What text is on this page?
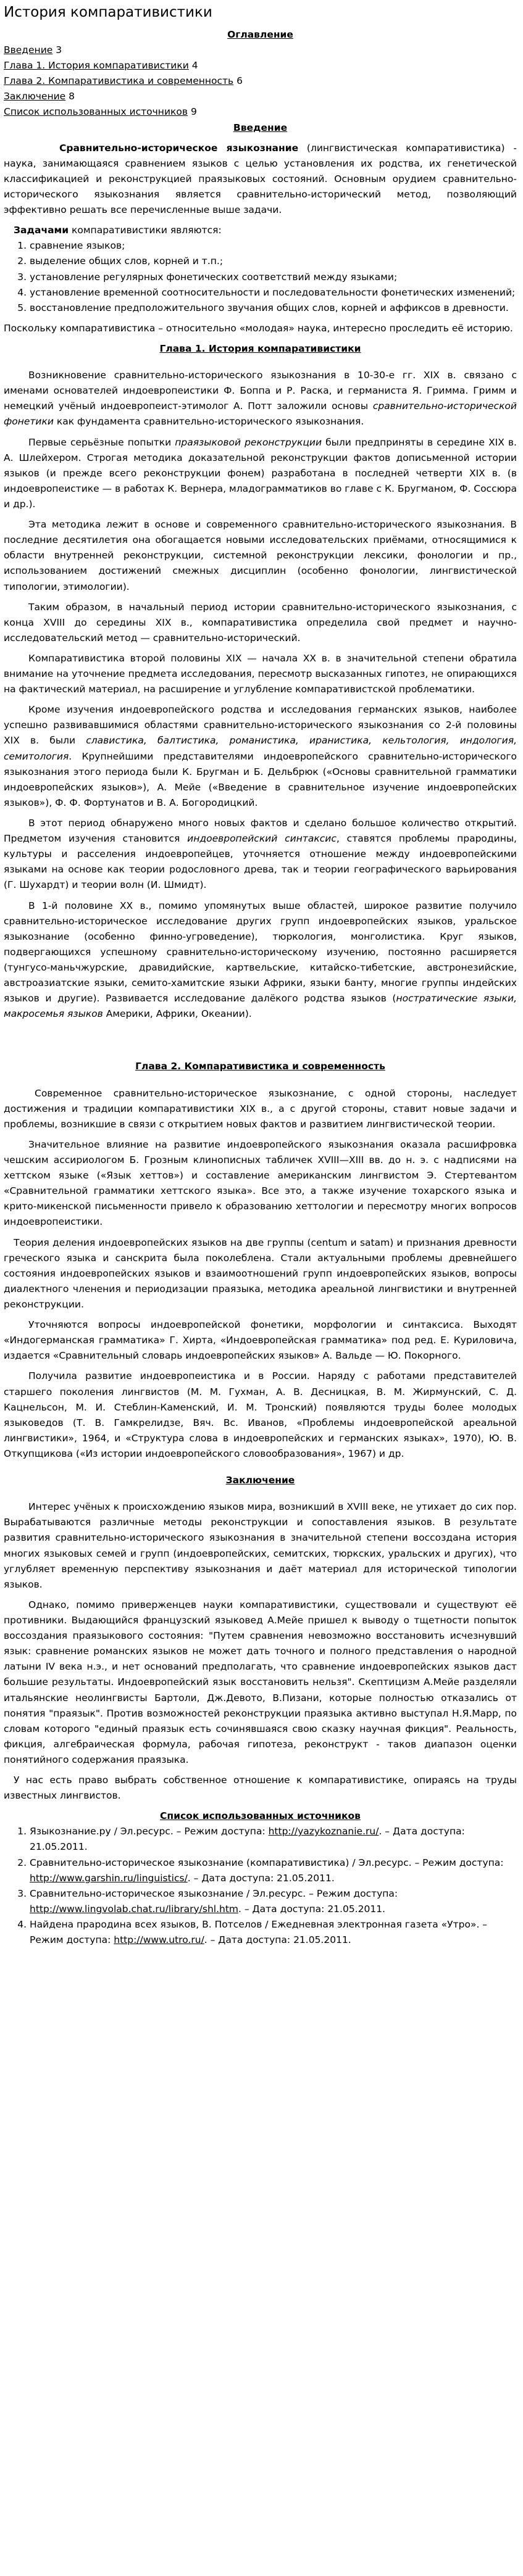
История компаративистики
Оглавление

Введение 3

Глава 1. История компаративистики 4

Глава 2. Компаративистика и современность 6

Заключение 8

Список использованных источников 9

Введение

Сравнительно-историческое языкознание (лингвистическая компаративистика) - наука, занимающаяся сравнением языков с целью установления их родства, их генетической классификацией и реконструкцией праязыковых состояний. Основным орудием сравнительно-исторического языкознания является сравнительно-исторический метод, позволяющий эффективно решать все перечисленные выше задачи.

Задачами компаративистики являются:

1. сравнение языков;
2. выделение общих слов, корней и т.п.;
3. установление регулярных фонетических соответствий между языками;
4. установление временной соотносительности и последовательности фонетических изменений;
5. восстановление предположительного звучания общих слов, корней и аффиксов в древности.

Поскольку компаративистика – относительно «молодая» наука, интересно проследить её историю.

Глава 1. История компаративистики

Возникновение сравнительно-исторического языкознания в 10-30-е гг. XIX в. связано с именами основателей индоевропеистики Ф. Боппа и Р. Раска, и германиста Я. Гримма. Гримм и немецкий учёный индоевропеист-этимолог А. Потт заложили основы сравнительно-исторической фонетики как фундамента сравнительно-исторического языкознания.

Первые серьёзные попытки праязыковой реконструкции были предприняты в середине XIX в. А. Шлейхером. Строгая методика доказательной реконструкции фактов дописьменной истории языков (и прежде всего реконструкции фонем) разработана в последней четверти XIX в. (в индоевропеистике — в работах К. Вернера, младограмматиков во главе с К. Бругманом, Ф. Соссюра и др.).

Эта методика лежит в основе и современного сравнительно-исторического языкознания. В последние десятилетия она обогащается новыми исследовательских приёмами, относящимися к области внутренней реконструкции, системной реконструкции лексики, фонологии и пр., использованием достижений смежных дисциплин (особенно фонологии, лингвистической типологии, этимологии).

Таким образом, в начальный период истории сравнительно-исторического языкознания, с конца XVIII до середины XIX в., компаративистика определила свой предмет и научно-исследовательский метод — сравнительно-исторический.

Компаративистика второй половины XIX — начала XX в. в значительной степени обратила внимание на уточнение предмета исследования, пересмотр высказанных гипотез, не опирающихся на фактический материал, на расширение и углубление компаративистской проблематики.

Кроме изучения индоевропейского родства и исследования германских языков, наиболее успешно развивавшимися областями сравнительно-исторического языкознания со 2-й половины XIX в. были славистика, балтистика, романистика, иранистика, кельтология, индология, семитология. Крупнейшими представителями индоевропейского сравнительно-исторического языкознания этого периода были К. Бругман и Б. Дельбрюк («Основы сравнительной грамматики индоевропейских языков»), А. Мейе («Введение в сравнительное изучение индоевропейских языков»), Ф. Ф. Фортунатов и В. А. Богородицкий.

В этот период обнаружено много новых фактов и сделано большое количество открытий. Предметом изучения становится индоевропейский синтаксис, ставятся проблемы прародины, культуры и расселения индоевропейцев, уточняется отношение между индоевропейскими языками на основе как теории родословного древа, так и теории географического варьирования (Г. Шухардт) и теории волн (И. Шмидт).

В 1-й половине XX в., помимо упомянутых выше областей, широкое развитие получило сравнительно-историческое исследование других групп индоевропейских языков, уральское языкознание (особенно финно-угроведение), тюркология, монголистика. Круг языков, подвергающихся успешному сравнительно-историческому изучению, постоянно расширяется (тунгусо-маньчжурские, дравидийские, картвельские, китайско-тибетские, австронезийские, австроазиатские языки, семито-хамитские языки Африки, языки банту, многие группы индейских языков и другие). Развивается исследование далёкого родства языков (ностратические языки, макросемья языков Америки, Африки, Океании).

Глава 2. Компаративистика и современность

Современное сравнительно-историческое языкознание, с одной стороны, наследует достижения и традиции компаративистики XIX в., а с другой стороны, ставит новые задачи и проблемы, возникшие в связи с открытием новых фактов и развитием лингвистической теории.

Значительное влияние на развитие индоевропейского языкознания оказала расшифровка чешским ассириологом Б. Грозным клинописных табличек XVIII—XIII вв. до н. э. с надписями на хеттском языке («Язык хеттов») и составление американским лингвистом Э. Стертевантом «Сравнительной грамматики хеттского языка». Все это, а также изучение тохарского языка и крито-микенской письменности привело к образованию хеттологии и пересмотру многих вопросов индоевропеистики.

Теория деления индоевропейских языков на две группы (centum и satam) и признания древности греческого языка и санскрита была поколеблена. Стали актуальными проблемы древнейшего состояния индоевропейских языков и взаимоотношений групп индоевропейских языков, вопросы диалектного членения и периодизации праязыка, методика ареальной лингвистики и внутренней реконструкции.

Уточняются вопросы индоевропейской фонетики, морфологии и синтаксиса. Выходят «Индогерманская грамматика» Г. Хирта, «Индоевропейская грамматика» под ред. Е. Куриловича, издается «Сравнительный словарь индоевропейских языков» А. Вальде — Ю. Покорного.

Получила развитие индоевропеистика и в России. Наряду с работами представителей старшего поколения лингвистов (М. М. Гухман, А. В. Десницкая, В. М. Жирмунский, С. Д. Кацнельсон, М. И. Стеблин-Каменский, И. М. Тронский) появляются труды более молодых языковедов (Т. В. Гамкрелидзе, Вяч. Вс. Иванов, «Проблемы индоевропейской ареальной лингвистики», 1964, и «Структура слова в индоевропейских и германских языках», 1970), Ю. В. Откупщикова («Из истории индоевропейского словообразования», 1967) и др.

Заключение

Интерес учёных к происхождению языков мира, возникший в XVIII веке, не утихает до сих пор. Вырабатываются различные методы реконструкции и сопоставления языков. В результате развития сравнительно-исторического языкознания в значительной степени воссоздана история многих языковых семей и групп (индоевропейских, семитских, тюркских, уральских и других), что углубляет временную перспективу языкознания и даёт материал для исторической типологии языков.

Однако, помимо приверженцев науки компаративистики, существовали и существуют её противники. Выдающийся французский языковед А.Мейе пришел к выводу о тщетности попыток воссоздания праязыкового состояния: "Путем сравнения невозможно восстановить исчезнувший язык: сравнение романских языков не может дать точного и полного представления о народной латыни IV века н.э., и нет оснований предполагать, что сравнение индоевропейских языков даст большие результаты. Индоевропейский язык восстановить нельзя". Скептицизм А.Мейе разделяли итальянские неолингвисты Бартоли, Дж.Девото, В.Пизани, которые полностью отказались от понятия "праязык". Против возможностей реконструкции праязыка активно выступал Н.Я.Марр, по словам которого "единый праязык есть сочинявшаяся свою сказку научная фикция". Реальность, фикция, алгебраическая формула, рабочая гипотеза, реконструкт - таков диапазон оценки понятийного содержания праязыка.

У нас есть право выбрать собственное отношение к компаративистике, опираясь на труды известных лингвистов.

Список использованных источников
1. Языкознание.ру / Эл.ресурс. – Режим доступа: http://yazykoznanie.ru/. – Дата доступа: 21.05.2011.
2. Сравнительно-историческое языкознание (компаративистика) / Эл.ресурс. – Режим доступа: http://www.garshin.ru/linguistics/. – Дата доступа: 21.05.2011.
3. Сравнительно-историческое языкознание / Эл.ресурс. – Режим доступа: http://www.lingvolab.chat.ru/library/shl.htm. – Дата доступа: 21.05.2011.
4. Найдена прародина всех языков, В. Потселов / Ежедневная электронная газета «Утро». – Режим доступа: http://www.utro.ru/. – Дата доступа: 21.05.2011.
